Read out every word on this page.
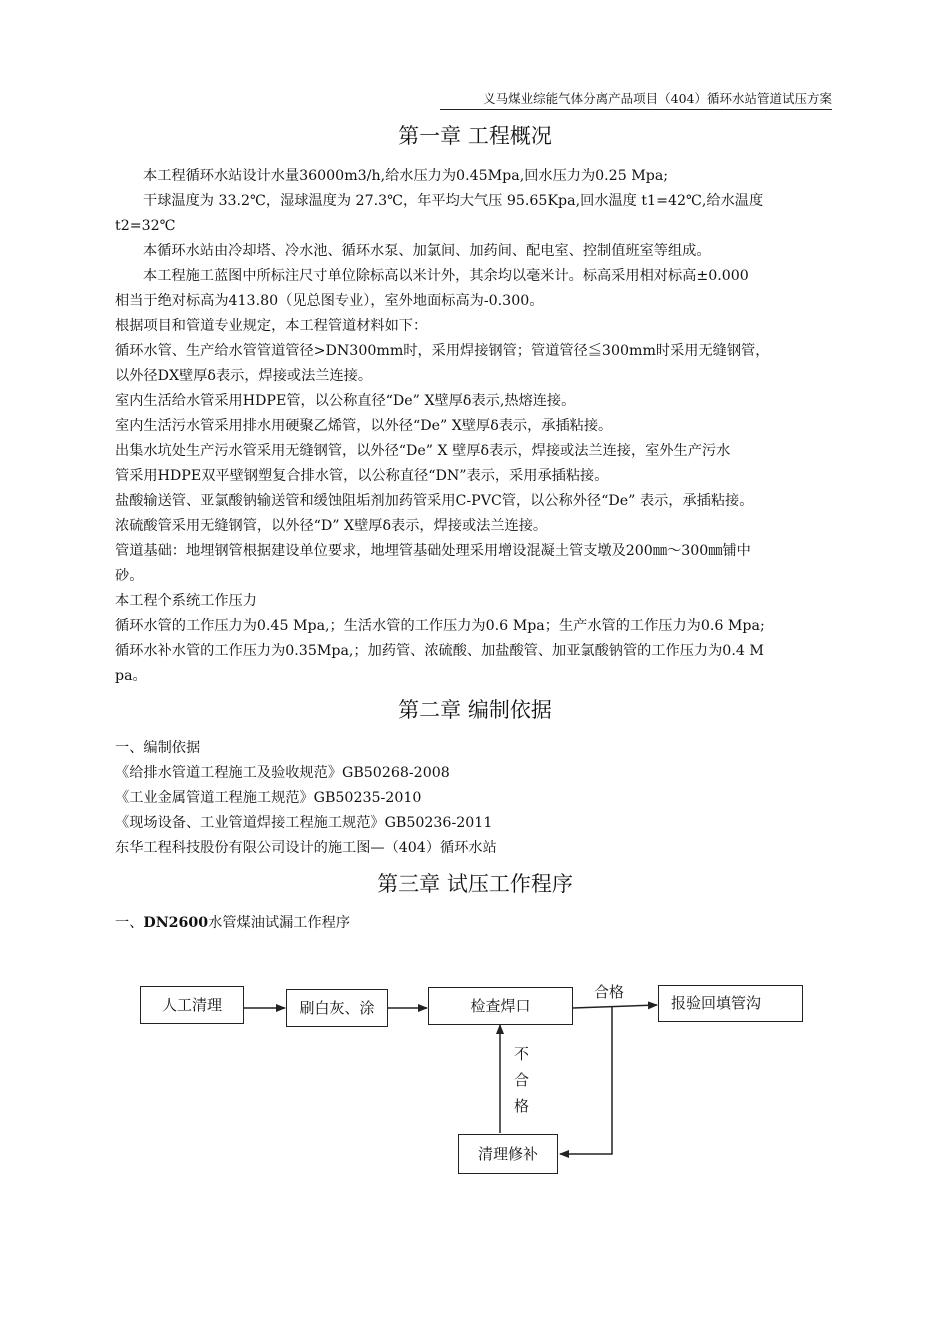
义马煤业综能气体分离产品项目（404）循环水站管道试压方案
第一章 工程概况
本工程循环水站设计水量36000m3/h,给水压力为0.45Mpa,回水压力为0.25 Mpa;
干球温度为 33.2℃，湿球温度为 27.3℃，年平均大气压 95.65Kpa,回水温度 t1=42℃,给水温度
t2=32℃
本循环水站由冷却塔、冷水池、循环水泵、加氯间、加药间、配电室、控制值班室等组成。
本工程施工蓝图中所标注尺寸单位除标高以米计外，其余均以毫米计。标高采用相对标高±0.000
相当于绝对标高为413.80（见总图专业），室外地面标高为-0.300。
根据项目和管道专业规定，本工程管道材料如下：
循环水管、生产给水管管道管径>DN300mm时，采用焊接钢管；管道管径≦300mm时采用无缝钢管，
以外径DX壁厚δ表示，焊接或法兰连接。
室内生活给水管采用HDPE管，以公称直径“De” X壁厚δ表示,热熔连接。
室内生活污水管采用排水用硬聚乙烯管，以外径“De” X壁厚δ表示，承插粘接。
出集水坑处生产污水管采用无缝钢管，以外径“De” X 壁厚δ表示，焊接或法兰连接，室外生产污水
管采用HDPE双平壁钢塑复合排水管，以公称直径“DN”表示，采用承插粘接。
盐酸输送管、亚氯酸钠输送管和缓蚀阻垢剂加药管采用C-PVC管，以公称外径“De” 表示，承插粘接。
浓硫酸管采用无缝钢管，以外径“D” X壁厚δ表示，焊接或法兰连接。
管道基础：地埋钢管根据建设单位要求，地埋管基础处理采用增设混凝土管支墩及200㎜～300㎜铺中
砂。
本工程个系统工作压力
循环水管的工作压力为0.45 Mpa,；生活水管的工作压力为0.6 Mpa；生产水管的工作压力为0.6 Mpa;
循环水补水管的工作压力为0.35Mpa,；加药管、浓硫酸、加盐酸管、加亚氯酸钠管的工作压力为0.4 M
pa。
第二章 编制依据
一、编制依据
《给排水管道工程施工及验收规范》GB50268-2008
《工业金属管道工程施工规范》GB50235-2010
《现场设备、工业管道焊接工程施工规范》GB50236-2011
东华工程科技股份有限公司设计的施工图—（404）循环水站
第三章 试压工作程序
一、DN2600水管煤油试漏工作程序
人工清理	刷白灰、涂	检查焊口	报验回填管沟
清理修补
合格
不
合
格
